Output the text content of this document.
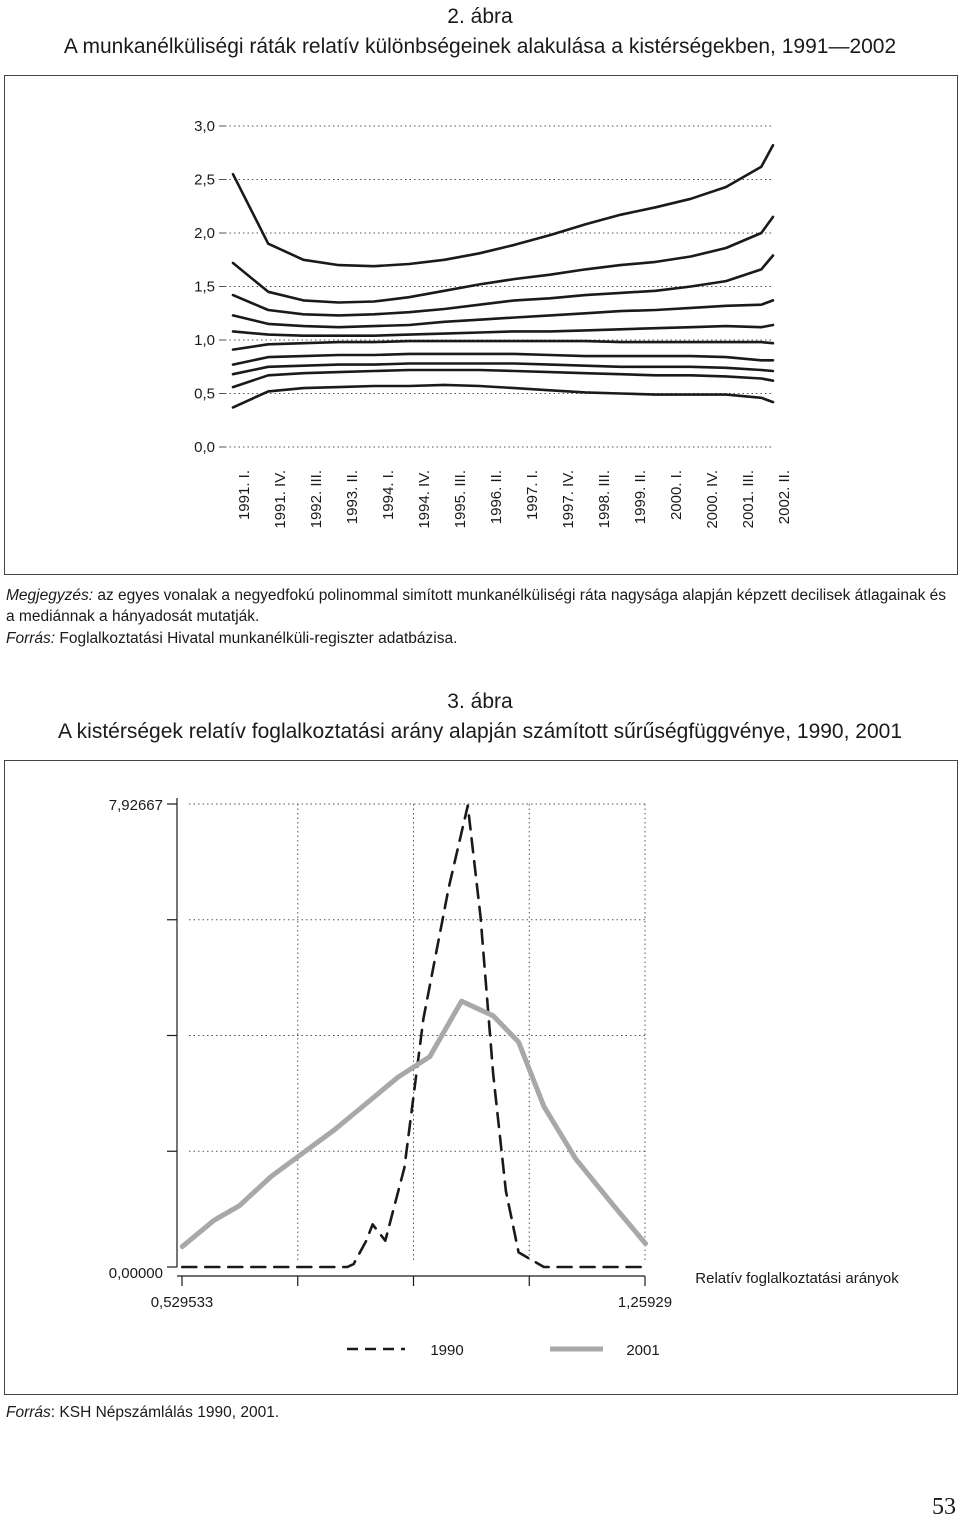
2. ábra
A munkanélküliségi ráták relatív különbségeinek alakulása a kistérségekben, 1991—2002
0,0
0,5
1,0
1,5
2,0
2,5
3,0
1991. I. 1991. IV. 1992. III. 1993. II. 1994. I. 1994. IV. 1995. III. 1996. II. 1997. I. 1997. IV. 1998. III. 1999. II. 2000. I. 2000. IV. 2001. III. 2002. II.
Megjegyzés: az egyes vonalak a negyedfokú polinommal simított munkanélküliségi ráta nagysága alapján képzett decilisek átlagainak és a mediánnak a hányadosát mutatják.
Forrás: Foglalkoztatási Hivatal munkanélküli-regiszter adatbázisa.
3. ábra
A kistérségek relatív foglalkoztatási arány alapján számított sűrűségfüggvénye, 1990, 2001
7,92667
0,00000
0,529533	1,25929
Relatív foglalkoztatási arányok
1990	2001
Forrás: KSH Népszámlálás 1990, 2001.
53
